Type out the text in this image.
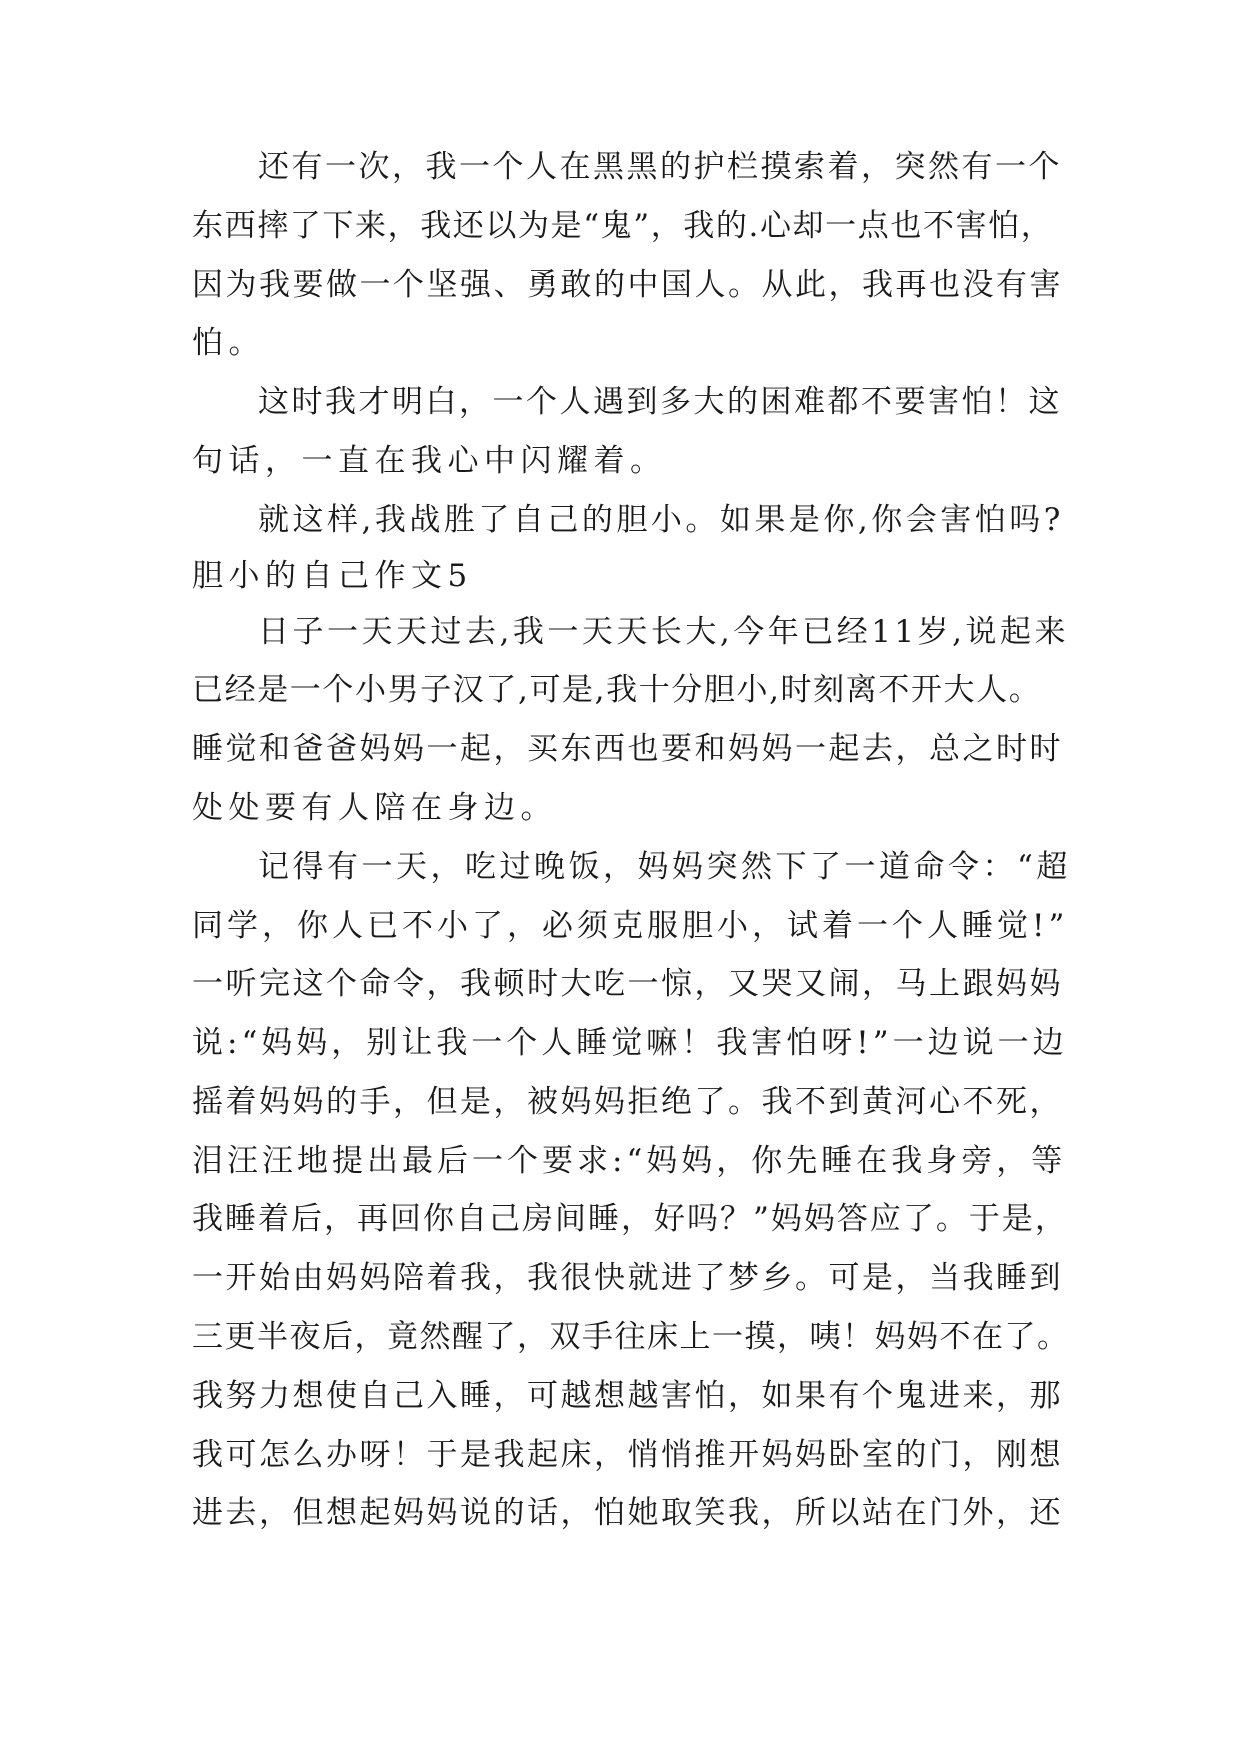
还有一次，我一个人在黑黑的护栏摸索着，突然有一个
东西摔了下来，我还以为是“鬼”，我的.心却一点也不害怕，
因为我要做一个坚强、勇敢的中国人。从此，我再也没有害
怕。
这时我才明白，一个人遇到多大的困难都不要害怕！这
句话，一直在我心中闪耀着。
就这样,我战胜了自己的胆小。如果是你,你会害怕吗?
胆小的自己作文5
日子一天天过去,我一天天长大,今年已经11岁,说起来
已经是一个小男子汉了,可是,我十分胆小,时刻离不开大人。
睡觉和爸爸妈妈一起，买东西也要和妈妈一起去，总之时时
处处要有人陪在身边。
记得有一天，吃过晚饭，妈妈突然下了一道命令：“超
同学，你人已不小了，必须克服胆小，试着一个人睡觉!”
一听完这个命令，我顿时大吃一惊，又哭又闹，马上跟妈妈
说:“妈妈，别让我一个人睡觉嘛！我害怕呀!”一边说一边
摇着妈妈的手，但是，被妈妈拒绝了。我不到黄河心不死，
泪汪汪地提出最后一个要求:“妈妈，你先睡在我身旁，等
我睡着后，再回你自己房间睡，好吗？”妈妈答应了。于是，
一开始由妈妈陪着我，我很快就进了梦乡。可是，当我睡到
三更半夜后，竟然醒了，双手往床上一摸，咦！妈妈不在了。
我努力想使自己入睡，可越想越害怕，如果有个鬼进来，那
我可怎么办呀！于是我起床，悄悄推开妈妈卧室的门，刚想
进去，但想起妈妈说的话，怕她取笑我，所以站在门外，还
